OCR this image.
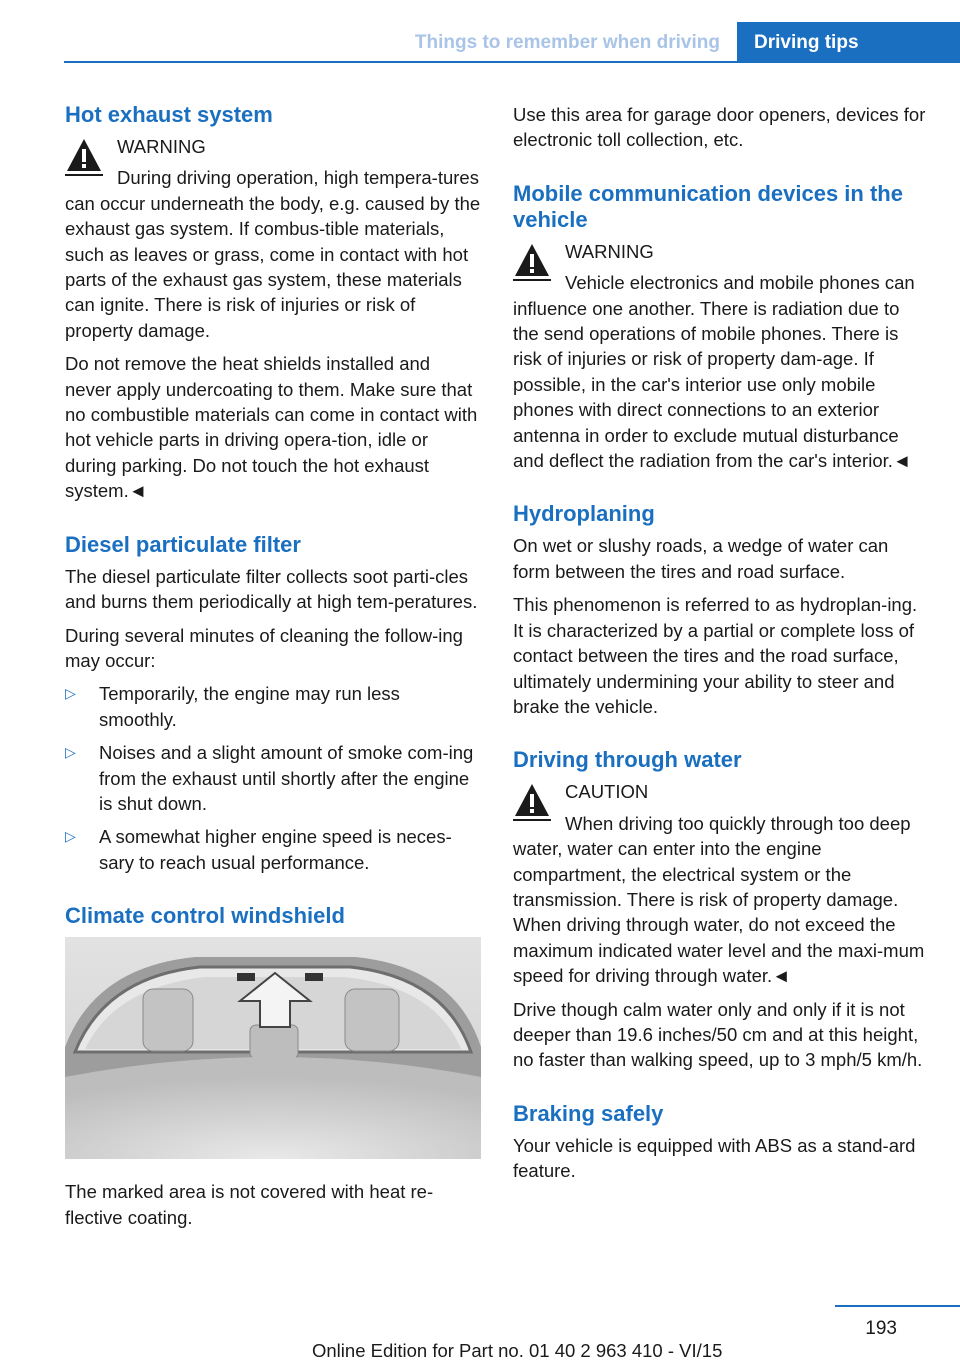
Things to remember when driving	Driving tips
Hot exhaust system
WARNING
During driving operation, high tempera-tures can occur underneath the body, e.g. caused by the exhaust gas system. If combus-tible materials, such as leaves or grass, come in contact with hot parts of the exhaust gas system, these materials can ignite. There is risk of injuries or risk of property damage.

Do not remove the heat shields installed and never apply undercoating to them. Make sure that no combustible materials can come in contact with hot vehicle parts in driving opera-tion, idle or during parking. Do not touch the hot exhaust system.◄

Diesel particulate filter

The diesel particulate filter collects soot parti-cles and burns them periodically at high tem-peratures.

During several minutes of cleaning the follow-ing may occur:

▷ Temporarily, the engine may run less smoothly.
▷ Noises and a slight amount of smoke com-ing from the exhaust until shortly after the engine is shut down.
▷ A somewhat higher engine speed is neces-sary to reach usual performance.
Climate control windshield

The marked area is not covered with heat re-flective coating.

Use this area for garage door openers, devices for electronic toll collection, etc.

Mobile communication devices in the vehicle
WARNING
Vehicle electronics and mobile phones can influence one another. There is radiation due to the send operations of mobile phones. There is risk of injuries or risk of property dam-age. If possible, in the car's interior use only mobile phones with direct connections to an exterior antenna in order to exclude mutual disturbance and deflect the radiation from the car's interior.◄
Hydroplaning

On wet or slushy roads, a wedge of water can form between the tires and road surface.

This phenomenon is referred to as hydroplan-ing. It is characterized by a partial or complete loss of contact between the tires and the road surface, ultimately undermining your ability to steer and brake the vehicle.

Driving through water
CAUTION
When driving too quickly through too deep water, water can enter into the engine compartment, the electrical system or the transmission. There is risk of property damage. When driving through water, do not exceed the maximum indicated water level and the maxi-mum speed for driving through water.◄

Drive though calm water only and only if it is not deeper than 19.6 inches/50 cm and at this height, no faster than walking speed, up to 3 mph/5 km/h.

Braking safely

Your vehicle is equipped with ABS as a stand-ard feature.

193
Online Edition for Part no. 01 40 2 963 410 - VI/15
